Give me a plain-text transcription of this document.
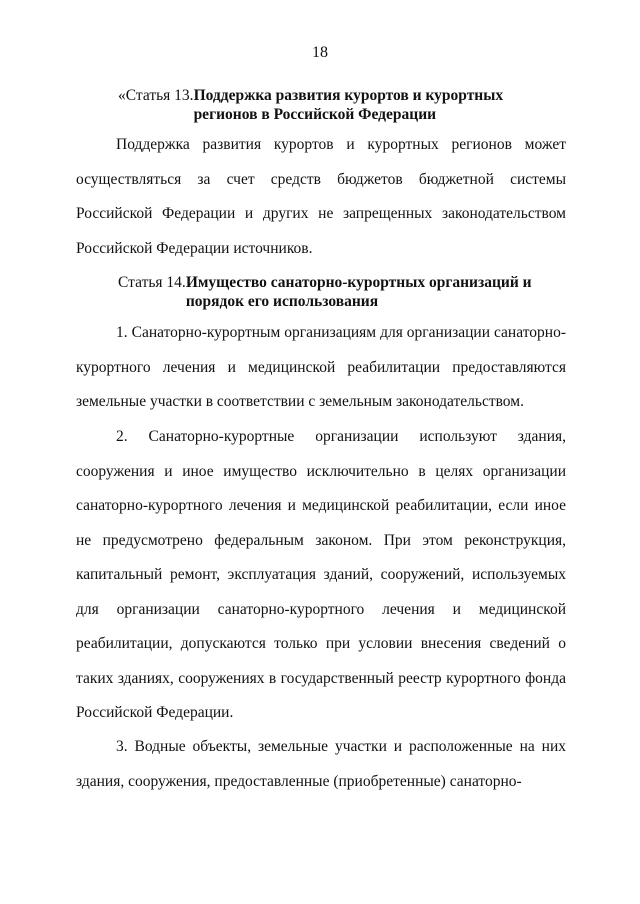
18
«Статья 13. Поддержка развития курортов и курортных регионов в Российской Федерации
Поддержка развития курортов и курортных регионов может осуществляться за счет средств бюджетов бюджетной системы Российской Федерации и других не запрещенных законодательством Российской Федерации источников.
Статья 14. Имущество санаторно-курортных организаций и порядок его использования
1. Санаторно-курортным организациям для организации санаторно-курортного лечения и медицинской реабилитации предоставляются земельные участки в соответствии с земельным законодательством.
2. Санаторно-курортные организации используют здания, сооружения и иное имущество исключительно в целях организации санаторно-курортного лечения и медицинской реабилитации, если иное не предусмотрено федеральным законом. При этом реконструкция, капитальный ремонт, эксплуатация зданий, сооружений, используемых для организации санаторно-курортного лечения и медицинской реабилитации, допускаются только при условии внесения сведений о таких зданиях, сооружениях в государственный реестр курортного фонда Российской Федерации.
3. Водные объекты, земельные участки и расположенные на них здания, сооружения, предоставленные (приобретенные) санаторно-
